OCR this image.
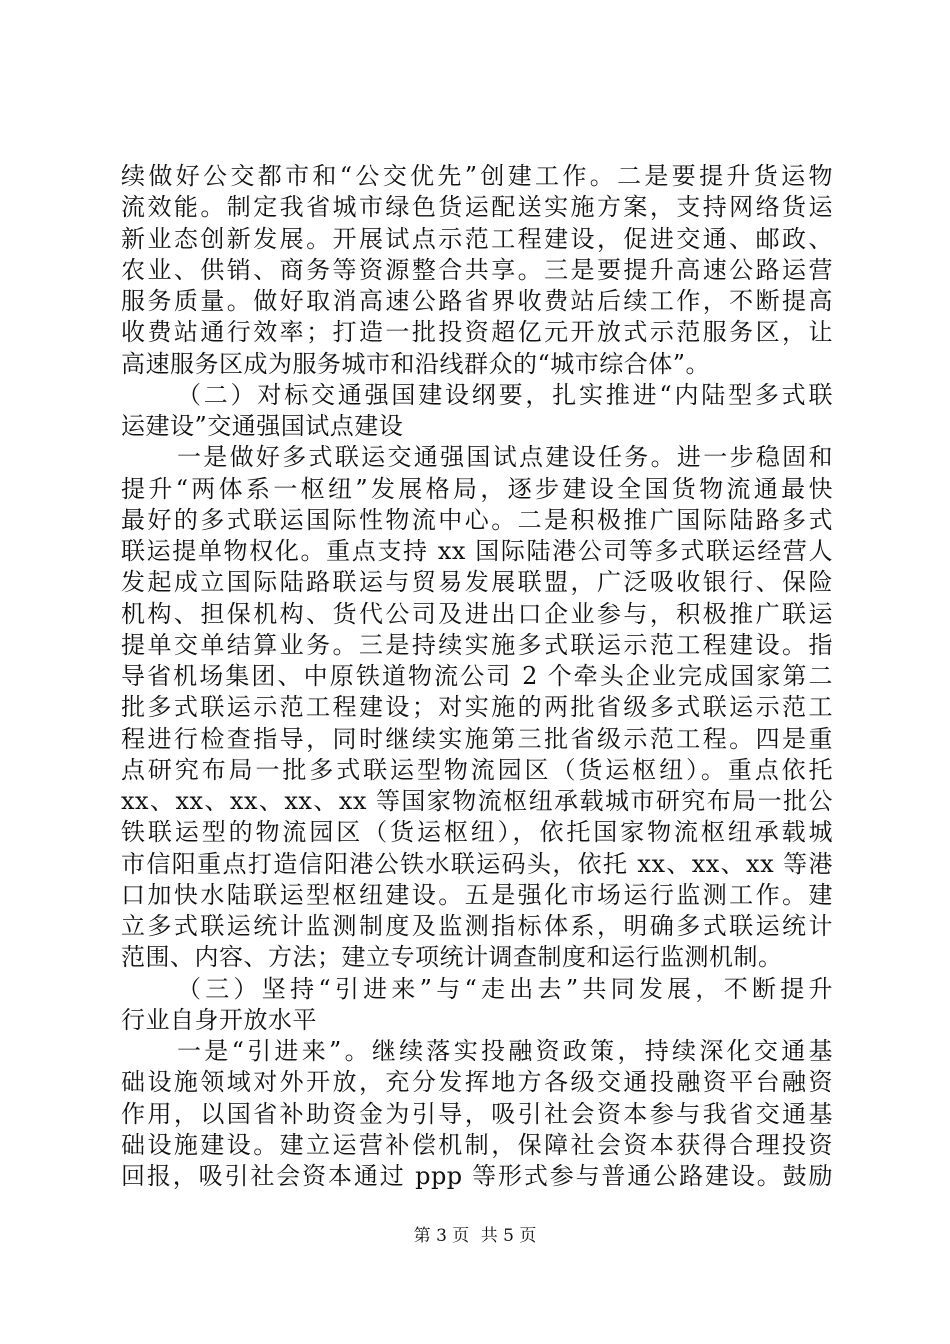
续做好公交都市和“公交优先”创建工作。二是要提升货运物
流效能。制定我省城市绿色货运配送实施方案，支持网络货运
新业态创新发展。开展试点示范工程建设，促进交通、邮政、
农业、供销、商务等资源整合共享。三是要提升高速公路运营
服务质量。做好取消高速公路省界收费站后续工作，不断提高
收费站通行效率；打造一批投资超亿元开放式示范服务区，让
高速服务区成为服务城市和沿线群众的“城市综合体”。
（二）对标交通强国建设纲要，扎实推进“内陆型多式联
运建设”交通强国试点建设
一是做好多式联运交通强国试点建设任务。进一步稳固和
提升“两体系一枢纽”发展格局，逐步建设全国货物流通最快
最好的多式联运国际性物流中心。二是积极推广国际陆路多式
联运提单物权化。重点支持 xx 国际陆港公司等多式联运经营人
发起成立国际陆路联运与贸易发展联盟，广泛吸收银行、保险
机构、担保机构、货代公司及进出口企业参与，积极推广联运
提单交单结算业务。三是持续实施多式联运示范工程建设。指
导省机场集团、中原铁道物流公司 2 个牵头企业完成国家第二
批多式联运示范工程建设；对实施的两批省级多式联运示范工
程进行检查指导，同时继续实施第三批省级示范工程。四是重
点研究布局一批多式联运型物流园区（货运枢纽）。重点依托
xx、xx、xx、xx、xx 等国家物流枢纽承载城市研究布局一批公
铁联运型的物流园区（货运枢纽），依托国家物流枢纽承载城
市信阳重点打造信阳港公铁水联运码头，依托 xx、xx、xx 等港
口加快水陆联运型枢纽建设。五是强化市场运行监测工作。建
立多式联运统计监测制度及监测指标体系，明确多式联运统计
范围、内容、方法；建立专项统计调查制度和运行监测机制。
（三）坚持“引进来”与“走出去”共同发展，不断提升
行业自身开放水平
一是“引进来”。继续落实投融资政策，持续深化交通基
础设施领域对外开放，充分发挥地方各级交通投融资平台融资
作用，以国省补助资金为引导，吸引社会资本参与我省交通基
础设施建设。建立运营补偿机制，保障社会资本获得合理投资
回报，吸引社会资本通过 ppp 等形式参与普通公路建设。鼓励
第 3 页 共 5 页
